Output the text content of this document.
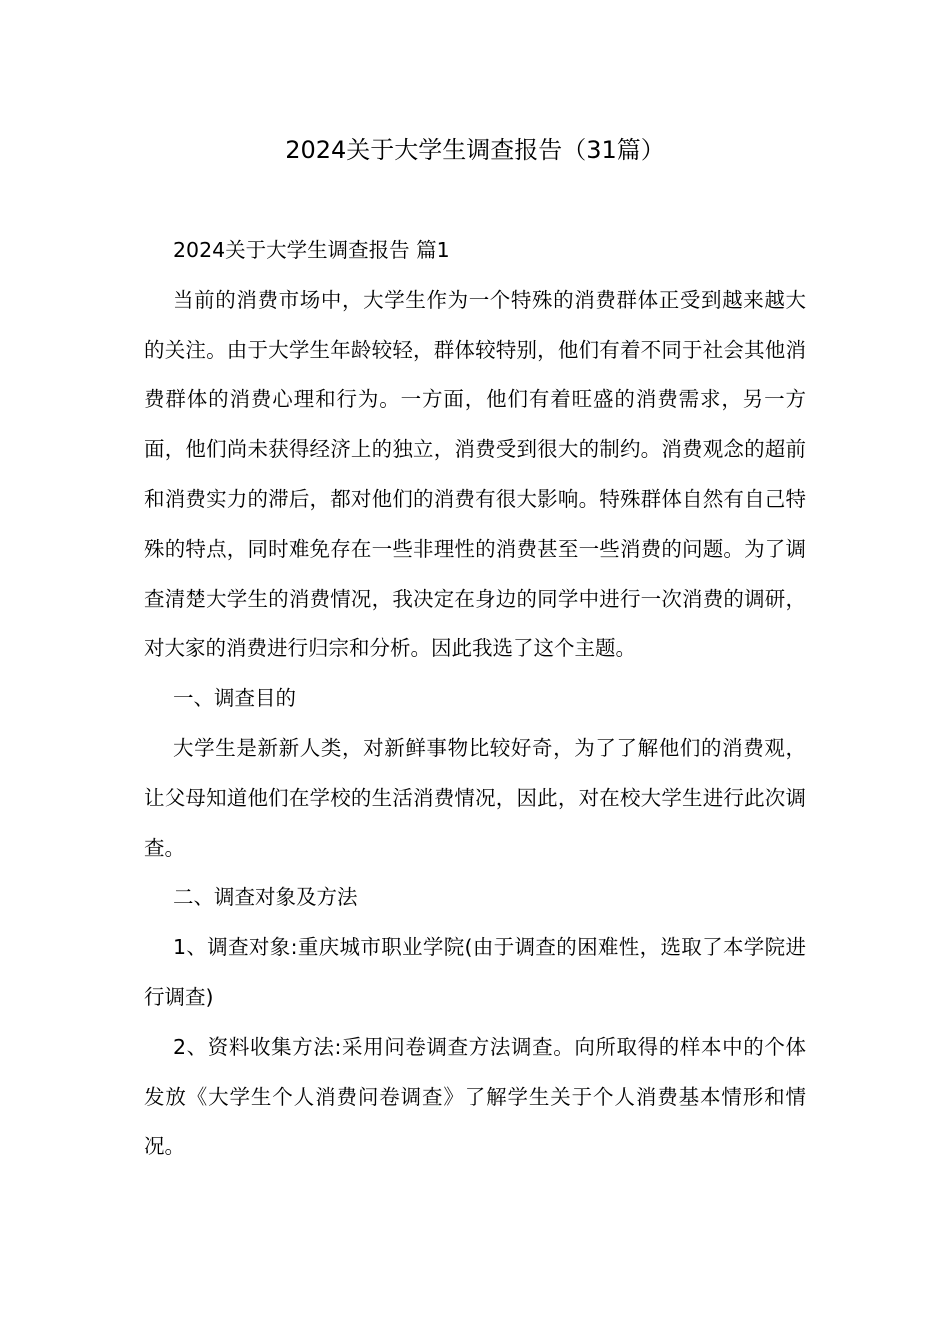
2024关于大学生调查报告（31篇）

2024关于大学生调查报告 篇1

当前的消费市场中，大学生作为一个特殊的消费群体正受到越来越大的关注。由于大学生年龄较轻，群体较特别，他们有着不同于社会其他消费群体的消费心理和行为。一方面，他们有着旺盛的消费需求，另一方面，他们尚未获得经济上的独立，消费受到很大的制约。消费观念的超前和消费实力的滞后，都对他们的消费有很大影响。特殊群体自然有自己特殊的特点，同时难免存在一些非理性的消费甚至一些消费的问题。为了调查清楚大学生的消费情况，我决定在身边的同学中进行一次消费的调研，对大家的消费进行归宗和分析。因此我选了这个主题。

一、调查目的

大学生是新新人类，对新鲜事物比较好奇，为了了解他们的消费观，让父母知道他们在学校的生活消费情况，因此，对在校大学生进行此次调查。

二、调查对象及方法

1、调查对象:重庆城市职业学院(由于调查的困难性，选取了本学院进行调查)

2、资料收集方法:采用问卷调查方法调查。向所取得的样本中的个体发放《大学生个人消费问卷调查》了解学生关于个人消费基本情形和情况。
